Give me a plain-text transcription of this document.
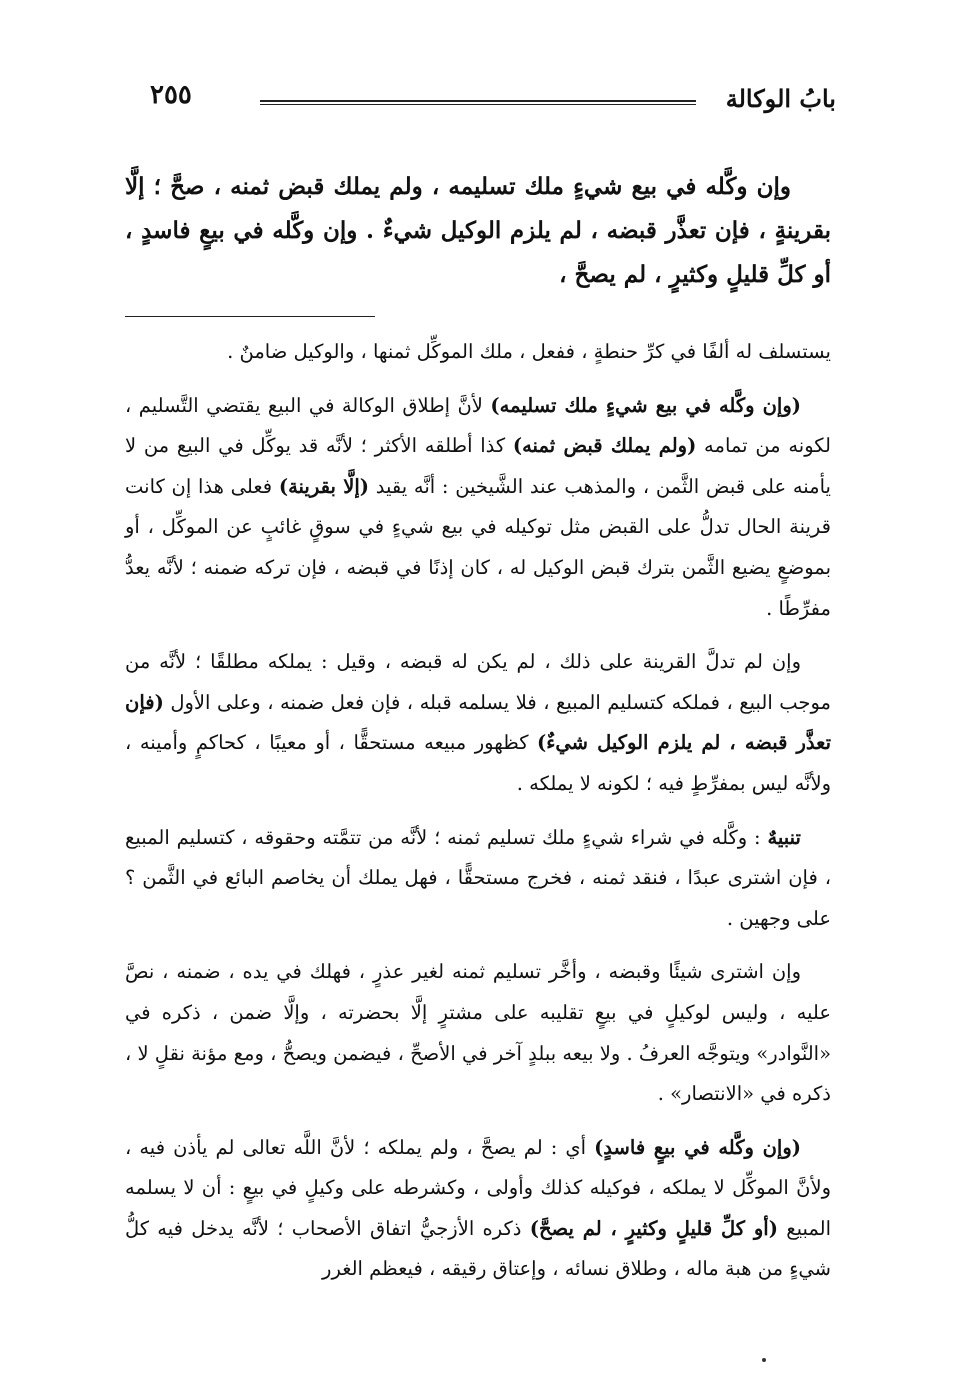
بابُ الوكالة
٢٥٥

وإن وكَّله في بيع شيءٍ ملك تسليمه ، ولم يملك قبض ثمنه ، صحَّ ؛ إلَّا بقرينةٍ ، فإن تعذَّر قبضه ، لم يلزم الوكيل شيءٌ . وإن وكَّله في بيعٍ فاسدٍ ، أو كلِّ قليلٍ وكثيرٍ ، لم يصحَّ ،

يستسلف له ألفًا في كرِّ حنطةٍ ، ففعل ، ملك الموكِّل ثمنها ، والوكيل ضامنٌ .

(وإن وكَّله في بيع شيءٍ ملك تسليمه) لأنَّ إطلاق الوكالة في البيع يقتضي التَّسليم ، لكونه من تمامه (ولم يملك قبض ثمنه) كذا أطلقه الأكثر ؛ لأنَّه قد يوكِّل في البيع من لا يأمنه على قبض الثَّمن ، والمذهب عند الشَّيخين : أنَّه يقيد (إلَّا بقرينة) فعلى هذا إن كانت قرينة الحال تدلُّ على القبض مثل توكيله في بيع شيءٍ في سوقٍ غائبٍ عن الموكِّل ، أو بموضعٍ يضيع الثَّمن بترك قبض الوكيل له ، كان إذنًا في قبضه ، فإن تركه ضمنه ؛ لأنَّه يعدُّ مفرِّطًا .

وإن لم تدلَّ القرينة على ذلك ، لم يكن له قبضه ، وقيل : يملكه مطلقًا ؛ لأنَّه من موجب البيع ، فملكه كتسليم المبيع ، فلا يسلمه قبله ، فإن فعل ضمنه ، وعلى الأول (فإن تعذَّر قبضه ، لم يلزم الوكيل شيءٌ) كظهور مبيعه مستحقًّا ، أو معيبًا ، كحاكمٍ وأمينه ، ولأنَّه ليس بمفرِّطٍ فيه ؛ لكونه لا يملكه .

تنبيهٌ : وكَّله في شراء شيءٍ ملك تسليم ثمنه ؛ لأنَّه من تتمَّته وحقوقه ، كتسليم المبيع ، فإن اشترى عبدًا ، فنقد ثمنه ، فخرج مستحقًّا ، فهل يملك أن يخاصم البائع في الثَّمن ؟ على وجهين .

وإن اشترى شيئًا وقبضه ، وأخَّر تسليم ثمنه لغير عذرٍ ، فهلك في يده ، ضمنه ، نصَّ عليه ، وليس لوكيلٍ في بيعٍ تقليبه على مشترٍ إلَّا بحضرته ، وإلَّا ضمن ، ذكره في «النَّوادر» ويتوجَّه العرفُ . ولا بيعه ببلدٍ آخر في الأصحِّ ، فيضمن ويصحُّ ، ومع مؤنة نقلٍ لا ، ذكره في «الانتصار» .

(وإن وكَّله في بيعٍ فاسدٍ) أي : لم يصحَّ ، ولم يملكه ؛ لأنَّ اللَّه تعالى لم يأذن فيه ، ولأنَّ الموكِّل لا يملكه ، فوكيله كذلك وأولى ، وكشرطه على وكيلٍ في بيعٍ : أن لا يسلمه المبيع (أو كلِّ قليلٍ وكثيرٍ ، لم يصحَّ) ذكره الأزجيُّ اتفاق الأصحاب ؛ لأنَّه يدخل فيه كلُّ شيءٍ من هبة ماله ، وطلاق نسائه ، وإعتاق رقيقه ، فيعظم الغرر
